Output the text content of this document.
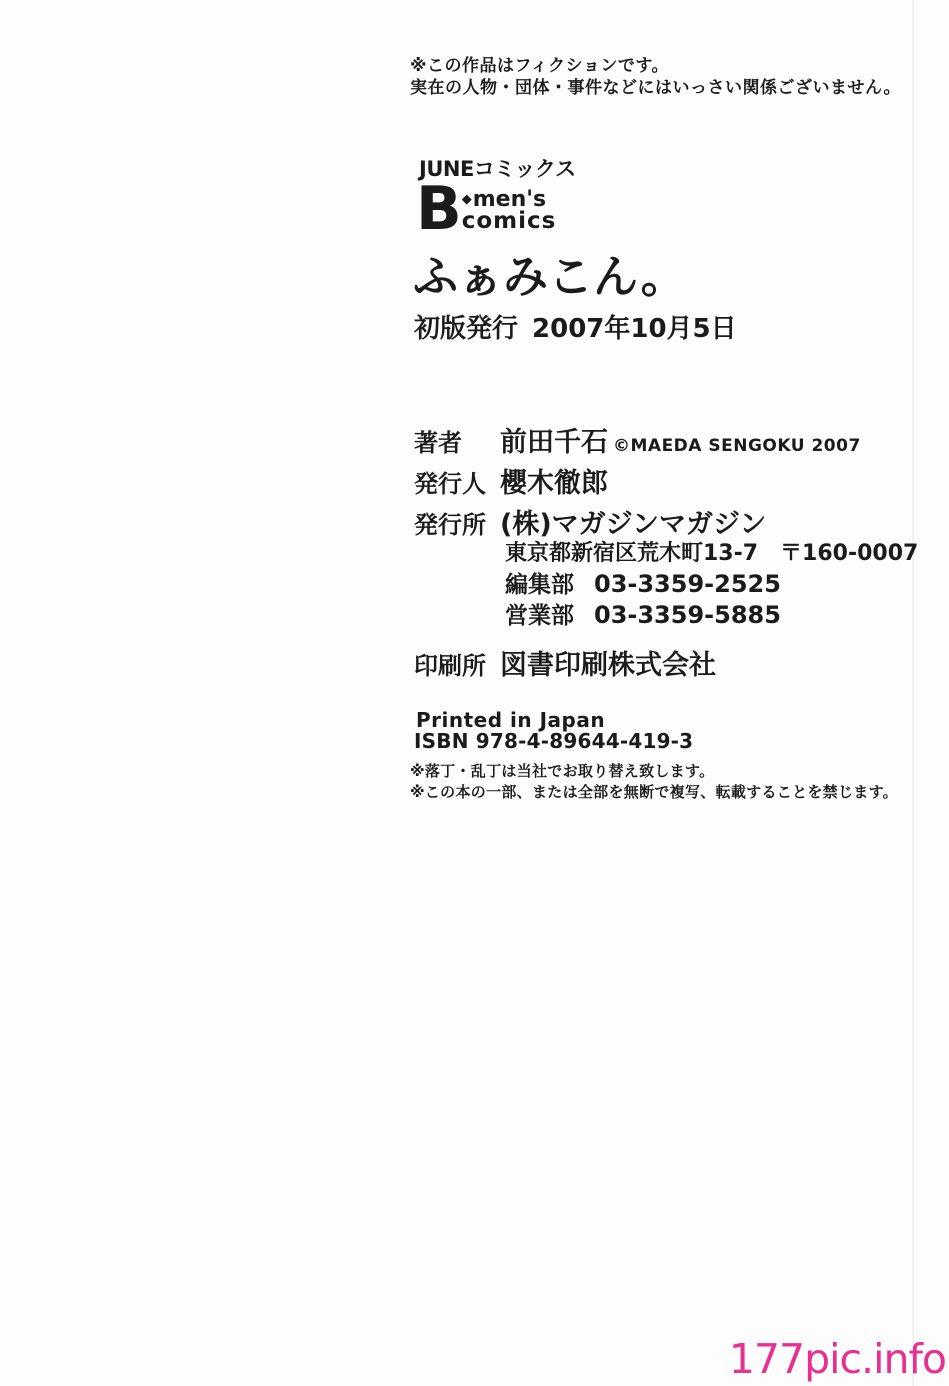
※この作品はフィクションです。
実在の人物・団体・事件などにはいっさい関係ございません。
JUNEコミックス
B ◆ men's
comics
ふぁみこん。
初版発行 2007年10月5日
著者 前田千石 ©MAEDA SENGOKU 2007
発行人 櫻木徹郎
発行所 (株)マガジンマガジン
東京都新宿区荒木町13-7　〒160-0007
編集部 03-3359-2525
営業部 03-3359-5885
印刷所 図書印刷株式会社
Printed in Japan
ISBN 978-4-89644-419-3
※落丁・乱丁は当社でお取り替え致します。
※この本の一部、または全部を無断で複写、転載することを禁じます。
177pic.info
